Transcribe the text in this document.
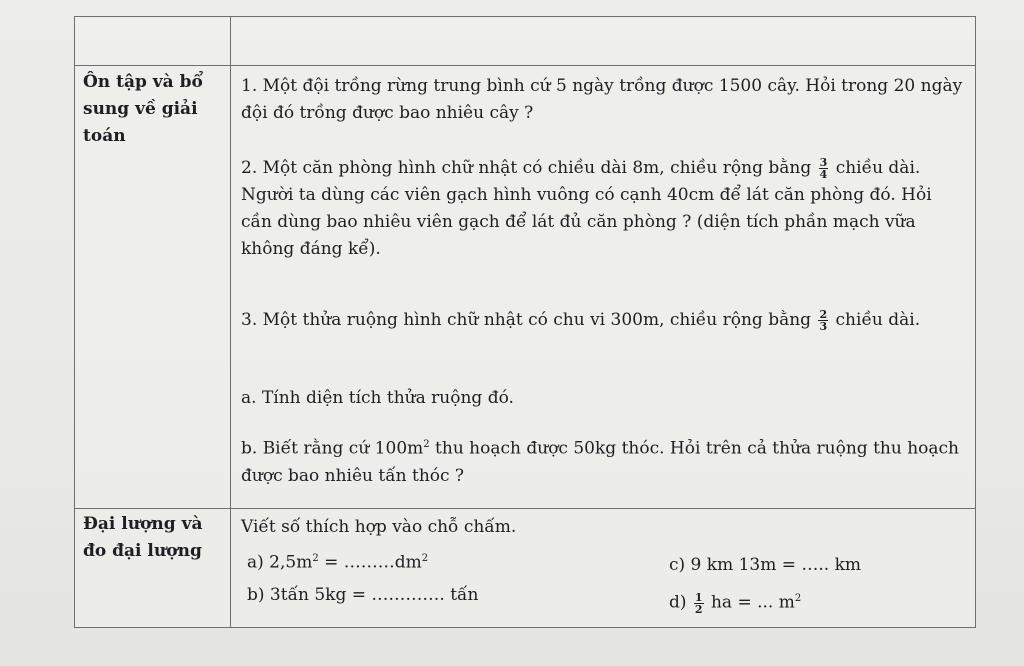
Ôn tập và bổ sung về giải toán
1. Một đội trồng rừng trung bình cứ 5 ngày trồng được 1500 cây. Hỏi trong 20 ngày đội đó trồng được bao nhiêu cây ?
2. Một căn phòng hình chữ nhật có chiều dài 8m, chiều rộng bằng $\frac{3}{4}$ chiều dài. Người ta dùng các viên gạch hình vuông có cạnh 40cm để lát căn phòng đó. Hỏi cần dùng bao nhiêu viên gạch để lát đủ căn phòng ? (diện tích phần mạch vữa không đáng kể).
3. Một thửa ruộng hình chữ nhật có chu vi 300m, chiều rộng bằng $\frac{2}{3}$ chiều dài.
a. Tính diện tích thửa ruộng đó.
b. Biết rằng cứ $100m^2$ thu hoạch được 50kg thóc. Hỏi trên cả thửa ruộng thu hoạch được bao nhiêu tấn thóc ?
Đại lượng và đo đại lượng
Viết số thích hợp vào chỗ chấm.
a) $2,5m^2$ = $\dots\dots\dots dm^2$
b) 3tấn 5kg = …………. tấn
c) 9 km 13m = ….. km
$d) \frac{1}{2}$ ha = ... $m^2$
